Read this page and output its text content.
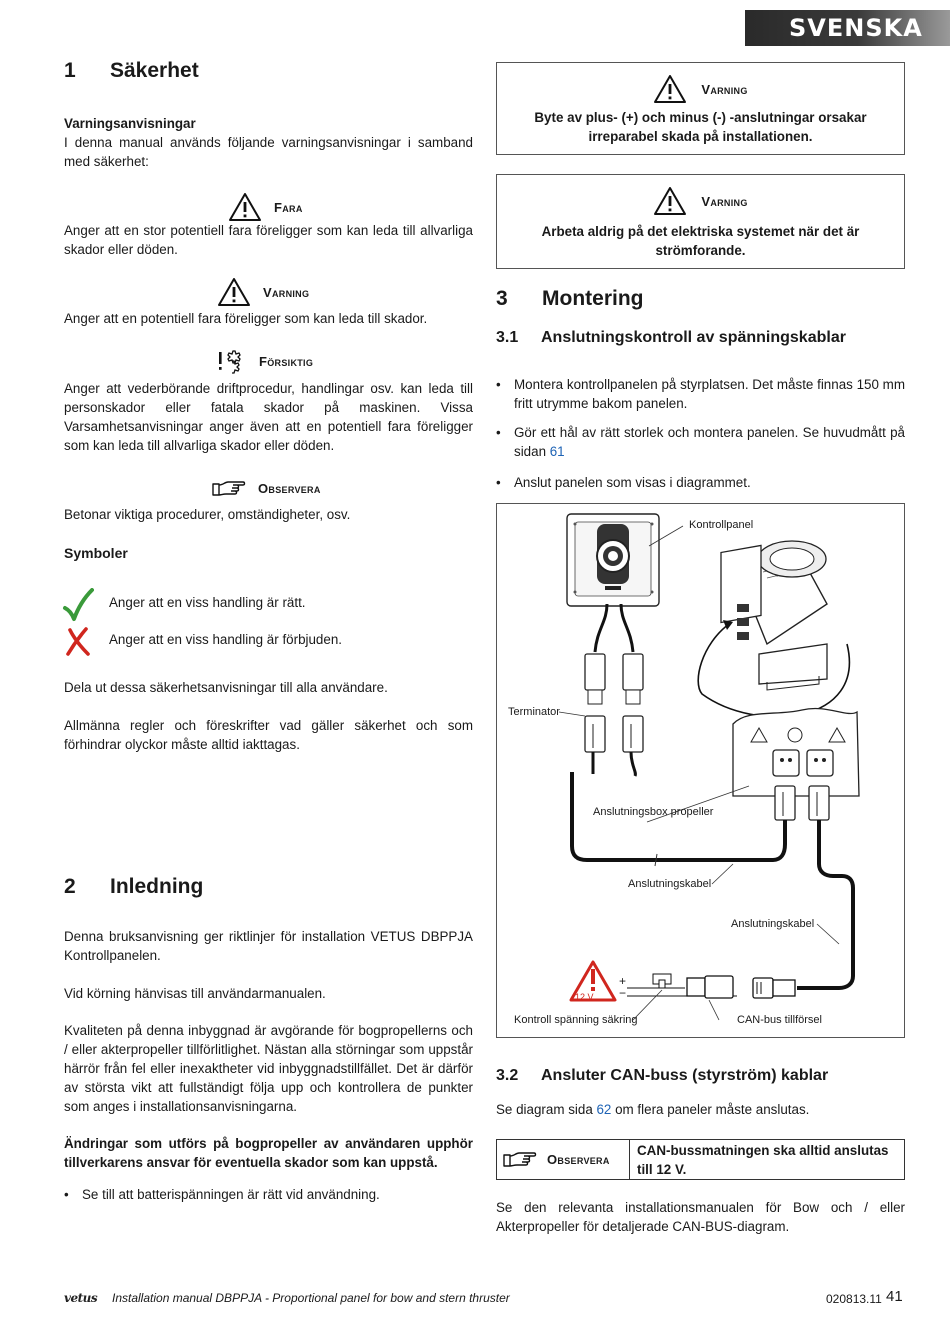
SVENSKA
1 Säkerhet
Varningsanvisningar
I denna manual används följande varningsanvisningar i samband med säkerhet:
Fara
Anger att en stor potentiell fara föreligger som kan leda till allvarliga skador eller döden.
Varning
Anger att en potentiell fara föreligger som kan leda till skador.
Försiktig
Anger att vederbörande driftprocedur, handlingar osv. kan leda till personskador eller fatala skador på maskinen. Vissa Varsamhetsanvisningar anger även att en potentiell fara föreligger som kan leda till allvarliga skador eller döden.
Observera
Betonar viktiga procedurer, omständigheter, osv.
Symboler
Anger att en viss handling är rätt.
Anger att en viss handling är förbjuden.
Dela ut dessa säkerhetsanvisningar till alla användare.
Allmänna regler och föreskrifter vad gäller säkerhet och som förhindrar olyckor måste alltid iakttagas.
2 Inledning
Denna bruksanvisning ger riktlinjer för installation VETUS DBPPJA Kontrollpanelen.
Vid körning hänvisas till användarmanualen.
Kvaliteten på denna inbyggnad är avgörande för bogpropellerns och / eller akterpropeller tillförlitlighet. Nästan alla störningar som uppstår härrör från fel eller inexaktheter vid inbyggnadstillfället. Det är därför av största vikt att fullständigt följa upp och kontrollera de punkter som anges i installationsanvisningarna.
Ändringar som utförs på bogpropeller av användaren upphör tillverkarens ansvar för eventuella skador som kan uppstå.
• Se till att batterispänningen är rätt vid användning.
Varning
Byte av plus- (+) och minus (-) -anslutningar orsakar irreparabel skada på installationen.
Varning
Arbeta aldrig på det elektriska systemet när det är strömforande.
3 Montering
3.1 Anslutningskontroll av spänningskablar
• Montera kontrollpanelen på styrplatsen. Det måste finnas 150 mm fritt utrymme bakom panelen.
• Gör ett hål av rätt storlek och montera panelen. Se huvudmått på sidan 61
• Anslut panelen som visas i diagrammet.
Kontrollpanel
Terminator
Anslutningsbox propeller
Anslutningskabel
Anslutningskabel
Kontroll spänning säkring	CAN-bus tillförsel
12 V
+
−
3.2 Ansluter CAN-buss (styrström) kablar
Se diagram sida 62 om flera paneler måste anslutas.
Observera
CAN-bussmatningen ska alltid anslutas till 12 V.
Se den relevanta installationsmanualen för Bow och / eller Akterpropeller för detaljerade CAN-BUS-diagram.
vetus Installation manual DBPPJA - Proportional panel for bow and stern thruster	020813.11 41
